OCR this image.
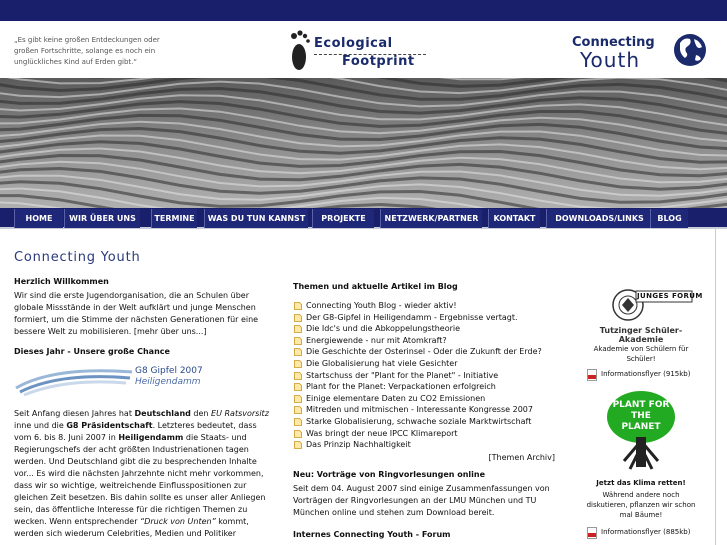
„Es gibt keine großen Entdeckungen oder großen Fortschritte, solange es noch ein unglückliches Kind auf Erden gibt.“
Ecological
Footprint
Connecting
Youth
HOME	WIR ÜBER UNS	TERMINE	WAS DU TUN KANNST	PROJEKTE	NETZWERK/PARTNER	KONTAKT	DOWNLOADS/LINKS	BLOG
Connecting Youth
Herzlich Willkommen
Wir sind die erste Jugendorganisation, die an Schulen über globale Missstände in der Welt aufklärt und junge Menschen formiert, um die Stimme der nächsten Generationen für eine bessere Welt zu mobilisieren. [mehr über uns...]
Dieses Jahr - Unsere große Chance
G8 Gipfel 2007
Heiligendamm
Seit Anfang diesen Jahres hat Deutschland den EU Ratsvorsitz inne und die G8 Präsidentschaft. Letzteres bedeutet, dass vom 6. bis 8. Juni 2007 in Heiligendamm die Staats- und Regierungschefs der acht größten Industrienationen tagen werden. Und Deutschland gibt die zu besprechenden Inhalte vor... Es wird die nächsten Jahrzehnte nicht mehr vorkommen, dass wir so wichtige, weitreichende Einflusspositionen zur gleichen Zeit besetzen. Bis dahin sollte es unser aller Anliegen sein, das öffentliche Interesse für die richtigen Themen zu wecken. Wenn entsprechender “Druck von Unten” kommt, werden sich wiederum Celebrities, Medien und Politiker
Themen und aktuelle Artikel im Blog
Connecting Youth Blog - wieder aktiv!
Der G8-Gipfel in Heiligendamm - Ergebnisse vertagt.
Die Idc's und die Abkoppelungstheorie
Energiewende - nur mit Atomkraft?
Die Geschichte der Osterinsel - Oder die Zukunft der Erde?
Die Globalisierung hat viele Gesichter
Startschuss der "Plant for the Planet" - Initiative
Plant for the Planet: Verpackationen erfolgreich
Einige elementare Daten zu CO2 Emissionen
Mitreden und mitmischen - Interessante Kongresse 2007
Starke Globalisierung, schwache soziale Marktwirtschaft
Was bringt der neue IPCC Klimareport
Das Prinzip Nachhaltigkeit
[Themen Archiv]
Neu: Vorträge von Ringvorlesungen online
Seit dem 04. August 2007 sind einige Zusammenfassungen von Vorträgen der Ringvorlesungen an der LMU München und TU München online und stehen zum Download bereit.
Internes Connecting Youth - Forum
JUNGES FORUM
Tutzinger Schüler-Akademie
Akademie von Schülern für Schüler!
Informationsflyer (915kb)
PLANT FOR THE PLANET
Jetzt das Klima retten!
Während andere noch diskutieren, pflanzen wir schon mal Bäume!
Informationsflyer (885kb)
